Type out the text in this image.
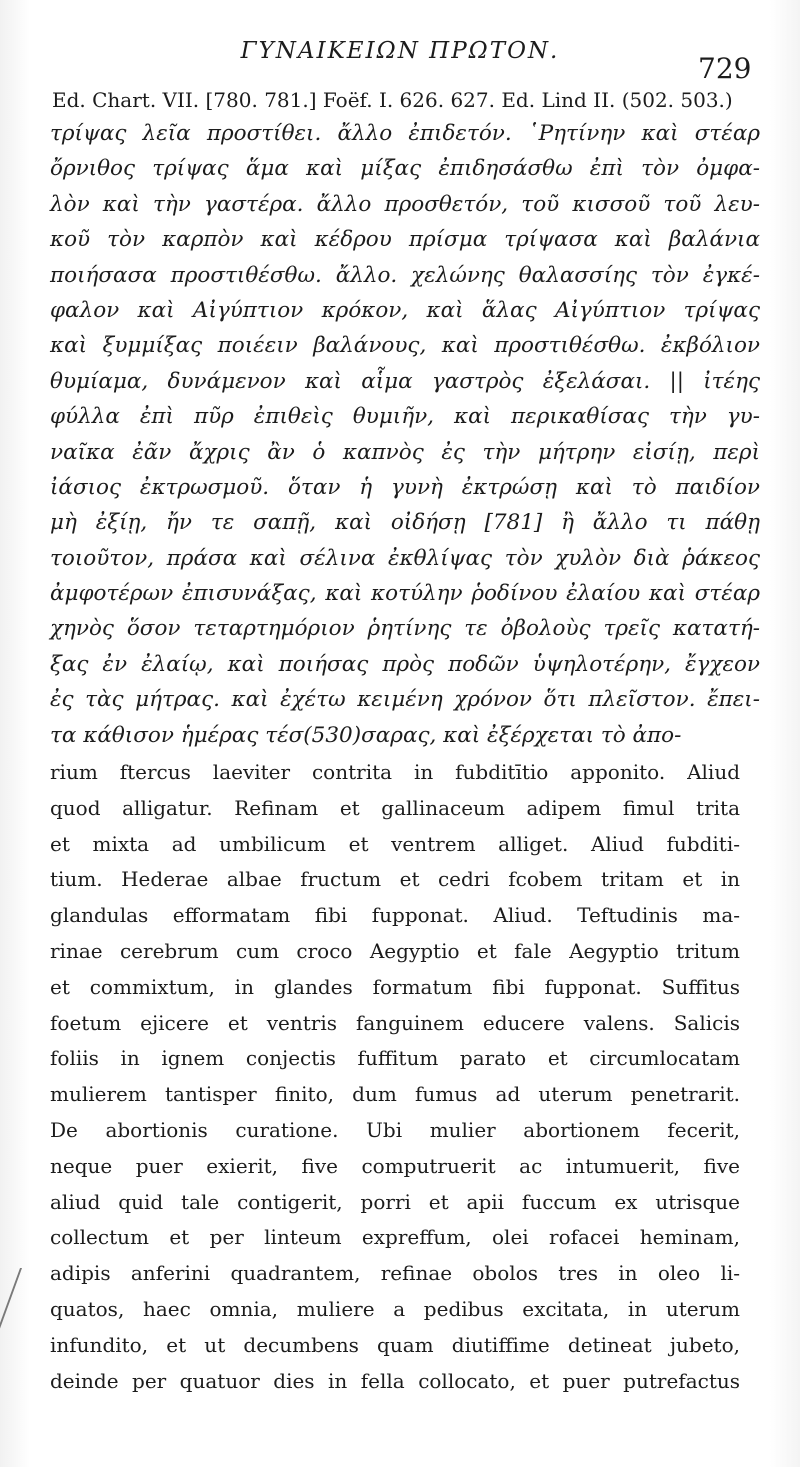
ΓΥΝΑΙΚΕΙΩΝ ΠΡΩΤΟΝ.
729
Ed. Chart. VII. [780. 781.] Foëf. I. 626. 627. Ed. Lind II. (502. 503.)
τρίψας λεῖα προστίθει. ἄλλο ἐπιδετόν. ῾Ρητίνην καὶ στέαρ
ὄρνιθος τρίψας ἅμα καὶ μίξας ἐπιδησάσθω ἐπὶ τὸν ὀμφα-
λὸν καὶ τὴν γαστέρα. ἄλλο προσθετόν, τοῦ κισσοῦ τοῦ λευ-
κοῦ τὸν καρπὸν καὶ κέδρου πρίσμα τρίψασα καὶ βαλάνια
ποιήσασα προστιθέσθω. ἄλλο. χελώνης θαλασσίης τὸν ἐγκέ-
φαλον καὶ Αἰγύπτιον κρόκον, καὶ ἅλας Αἰγύπτιον τρίψας
καὶ ξυμμίξας ποιέειν βαλάνους, καὶ προστιθέσθω. ἐκβόλιον
θυμίαμα, δυνάμενον καὶ αἷμα γαστρὸς ἐξελάσαι. || ἰτέης
φύλλα ἐπὶ πῦρ ἐπιθεὶς θυμιῆν, καὶ περικαθίσας τὴν γυ-
ναῖκα ἐᾶν ἄχρις ἂν ὁ καπνὸς ἐς τὴν μήτρην εἰσίῃ, περὶ
ἰάσιος ἐκτρωσμοῦ. ὅταν ἡ γυνὴ ἐκτρώσῃ καὶ τὸ παιδίον
μὴ ἐξίῃ, ἤν τε σαπῇ, καὶ οἰδήσῃ [781] ἢ ἄλλο τι πάθῃ
τοιοῦτον, πράσα καὶ σέλινα ἐκθλίψας τὸν χυλὸν διὰ ῥάκεος
ἀμφοτέρων ἐπισυνάξας, καὶ κοτύλην ῥοδίνου ἐλαίου καὶ στέαρ
χηνὸς ὅσον τεταρτημόριον ῥητίνης τε ὀβολοὺς τρεῖς κατατή-
ξας ἐν ἐλαίῳ, καὶ ποιήσας πρὸς ποδῶν ὑψηλοτέρην, ἔγχεον
ἐς τὰς μήτρας. καὶ ἐχέτω κειμένη χρόνον ὅτι πλεῖστον. ἔπει-
τα κάθισον ἡμέρας τέσ(530)σαρας, καὶ ἐξέρχεται τὸ ἀπο-
rium ftercus laeviter contrita in fubditītio apponito. Aliud
quod alligatur. Refinam et gallinaceum adipem fimul trita
et mixta ad umbilicum et ventrem alliget. Aliud fubditi-
tium. Hederae albae fructum et cedri fcobem tritam et in
glandulas efformatam fibi fupponat. Aliud. Teftudinis ma-
rinae cerebrum cum croco Aegyptio et fale Aegyptio tritum
et commixtum, in glandes formatum fibi fupponat. Suffitus
foetum ejicere et ventris fanguinem educere valens. Salicis
foliis in ignem conjectis fuffitum parato et circumlocatam
mulierem tantisper finito, dum fumus ad uterum penetrarit.
De abortionis curatione. Ubi mulier abortionem fecerit,
neque puer exierit, five computruerit ac intumuerit, five
aliud quid tale contigerit, porri et apii fuccum ex utrisque
collectum et per linteum expreffum, olei rofacei heminam,
adipis anferini quadrantem, refinae obolos tres in oleo li-
quatos, haec omnia, muliere a pedibus excitata, in uterum
infundito, et ut decumbens quam diutiffime detineat jubeto,
deinde per quatuor dies in fella collocato, et puer putrefactus
